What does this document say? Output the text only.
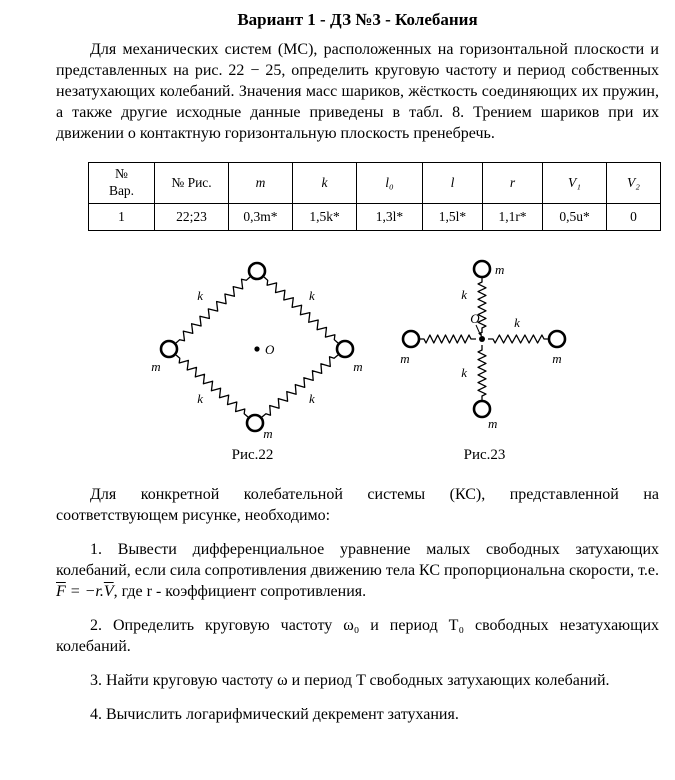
Вариант 1 - ДЗ №3 - Колебания

Для механических систем (МС), расположенных на горизонтальной плоскости и представленных на рис. 22 − 25, определить круговую частоту и период собственных незатухающих колебаний. Значения масс шариков, жёсткость соединяющих их пружин, а также другие исходные данные приведены в табл. 8. Трением шариков при их движении о контактную горизонтальную плоскость пренебречь.

№ Вар.	№ Рис.	m	k	l₀	l	r	V₁	V₂
1	22;23	0,3m*	1,5k*	1,3l*	1,5l*	1,1r*	0,5u*	0
O
k	k
k
k
m	m
m
Рис.22
O
k
k
k
m
m	m
m
Рис.23

Для конкретной колебательной системы (КС), представленной на соответствующем рисунке, необходимо:

1. Вывести дифференциальное уравнение малых свободных затухающих колебаний, если сила сопротивления движению тела КС пропорциональна скорости, т.е. $\overline{F} = -r.\overline{V}$, где r - коэффициент сопротивления.

2. Определить круговую частоту ω₀ и период T₀ свободных незатухающих колебаний.

3. Найти круговую частоту ω и период T свободных затухающих колебаний.

4. Вычислить логарифмический декремент затухания.
